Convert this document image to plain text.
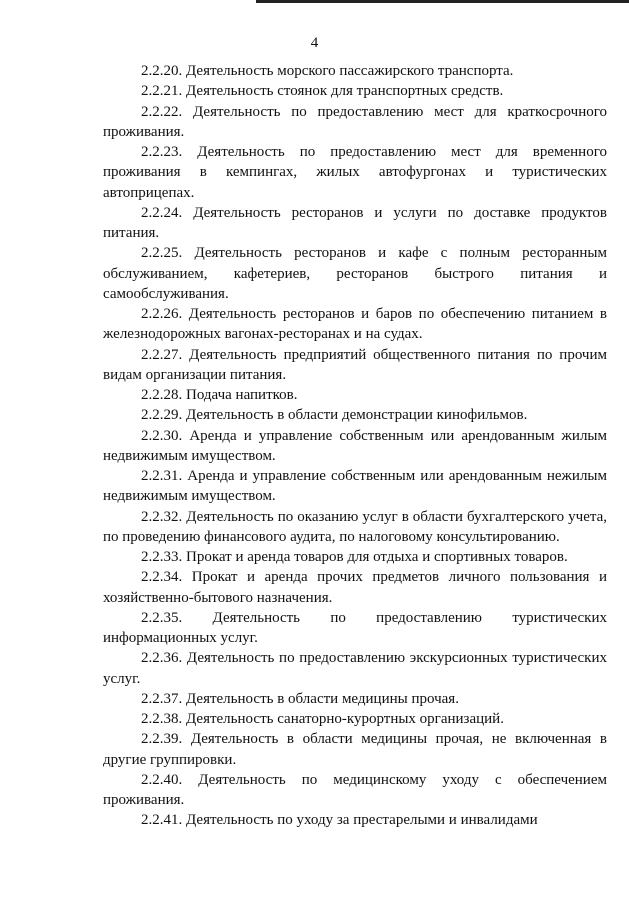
4

2.2.20. Деятельность морского пассажирского транспорта.

2.2.21. Деятельность стоянок для транспортных средств.

2.2.22. Деятельность по предоставлению мест для краткосрочного проживания.

2.2.23. Деятельность по предоставлению мест для временного проживания в кемпингах, жилых автофургонах и туристических автоприцепах.

2.2.24. Деятельность ресторанов и услуги по доставке продуктов питания.

2.2.25. Деятельность ресторанов и кафе с полным ресторанным обслуживанием, кафетериев, ресторанов быстрого питания и самообслуживания.

2.2.26. Деятельность ресторанов и баров по обеспечению питанием в железнодорожных вагонах-ресторанах и на судах.

2.2.27. Деятельность предприятий общественного питания по прочим видам организации питания.

2.2.28. Подача напитков.

2.2.29. Деятельность в области демонстрации кинофильмов.

2.2.30. Аренда и управление собственным или арендованным жилым недвижимым имуществом.

2.2.31. Аренда и управление собственным или арендованным нежилым недвижимым имуществом.

2.2.32. Деятельность по оказанию услуг в области бухгалтерского учета, по проведению финансового аудита, по налоговому консультированию.

2.2.33. Прокат и аренда товаров для отдыха и спортивных товаров.

2.2.34. Прокат и аренда прочих предметов личного пользования и хозяйственно-бытового назначения.

2.2.35. Деятельность по предоставлению туристических информационных услуг.

2.2.36. Деятельность по предоставлению экскурсионных туристических услуг.

2.2.37. Деятельность в области медицины прочая.

2.2.38. Деятельность санаторно-курортных организаций.

2.2.39. Деятельность в области медицины прочая, не включенная в другие группировки.

2.2.40. Деятельность по медицинскому уходу с обеспечением проживания.

2.2.41. Деятельность по уходу за престарелыми и инвалидами
